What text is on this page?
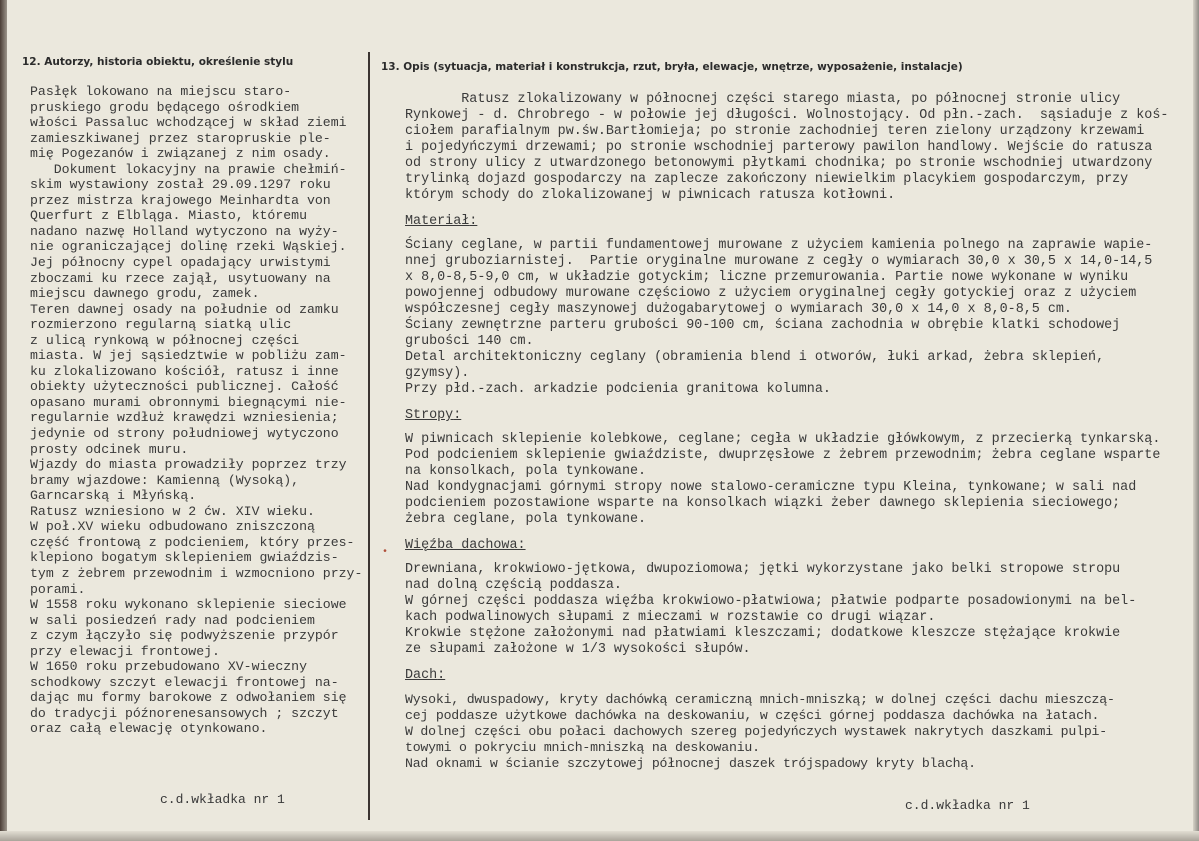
12. Autorzy, historia obiektu, określenie stylu	13. Opis (sytuacja, materiał i konstrukcja, rzut, bryła, elewacje, wnętrze, wyposażenie, instalacje)
Pasłęk lokowano na miejscu staro-
pruskiego grodu będącego ośrodkiem
włości Passaluc wchodzącej w skład ziemi
zamieszkiwanej przez staropruskie ple-
mię Pogezanów i związanej z nim osady.
Dokument lokacyjny na prawie chełmiń-
skim wystawiony został 29.09.1297 roku
przez mistrza krajowego Meinhardta von
Querfurt z Elbląga. Miasto, któremu
nadano nazwę Holland wytyczono na wyży-
nie ograniczającej dolinę rzeki Wąskiej.
Jej północny cypel opadający urwistymi
zboczami ku rzece zajął, usytuowany na
miejscu dawnego grodu, zamek.
Teren dawnej osady na południe od zamku
rozmierzono regularną siatką ulic
z ulicą rynkową w północnej części
miasta. W jej sąsiedztwie w pobliżu zam-
ku zlokalizowano kościół, ratusz i inne
obiekty użyteczności publicznej. Całość
opasano murami obronnymi biegnącymi nie-
regularnie wzdłuż krawędzi wzniesienia;
jedynie od strony południowej wytyczono
prosty odcinek muru.
Wjazdy do miasta prowadziły poprzez trzy
bramy wjazdowe: Kamienną (Wysoką),
Garncarską i Młyńską.
Ratusz wzniesiono w 2 ćw. XIV wieku.
W poł.XV wieku odbudowano zniszczoną
część frontową z podcieniem, który przes-
klepiono bogatym sklepieniem gwiaździs-
tym z żebrem przewodnim i wzmocniono przy-
porami.
W 1558 roku wykonano sklepienie sieciowe
w sali posiedzeń rady nad podcieniem
z czym łączyło się podwyższenie przypór
przy elewacji frontowej.
W 1650 roku przebudowano XV-wieczny
schodkowy szczyt elewacji frontowej na-
dając mu formy barokowe z odwołaniem się
do tradycji późnorenesansowych ; szczyt
oraz całą elewację otynkowano.
c.d.wkładka nr 1
Ratusz zlokalizowany w północnej części starego miasta, po północnej stronie ulicy
Rynkowej - d. Chrobrego - w połowie jej długości. Wolnostojący. Od płn.-zach.  sąsiaduje z koś-
ciołem parafialnym pw.św.Bartłomieja; po stronie zachodniej teren zielony urządzony krzewami
i pojedyńczymi drzewami; po stronie wschodniej parterowy pawilon handlowy. Wejście do ratusza
od strony ulicy z utwardzonego betonowymi płytkami chodnika; po stronie wschodniej utwardzony
trylinką dojazd gospodarczy na zaplecze zakończony niewielkim placykiem gospodarczym, przy
którym schody do zlokalizowanej w piwnicach ratusza kotłowni.
Materiał:
Ściany ceglane, w partii fundamentowej murowane z użyciem kamienia polnego na zaprawie wapie-
nnej gruboziarnistej.  Partie oryginalne murowane z cegły o wymiarach 30,0 x 30,5 x 14,0-14,5
x 8,0-8,5-9,0 cm, w układzie gotyckim; liczne przemurowania. Partie nowe wykonane w wyniku
powojennej odbudowy murowane częściowo z użyciem oryginalnej cegły gotyckiej oraz z użyciem
współczesnej cegły maszynowej dużogabarytowej o wymiarach 30,0 x 14,0 x 8,0-8,5 cm.
Ściany zewnętrzne parteru grubości 90-100 cm, ściana zachodnia w obrębie klatki schodowej
grubości 140 cm.
Detal architektoniczny ceglany (obramienia blend i otworów, łuki arkad, żebra sklepień,
gzymsy).
Przy płd.-zach. arkadzie podcienia granitowa kolumna.
Stropy:
W piwnicach sklepienie kolebkowe, ceglane; cegła w układzie główkowym, z przecierką tynkarską.
Pod podcieniem sklepienie gwiaździste, dwuprzęsłowe z żebrem przewodnim; żebra ceglane wsparte
na konsolkach, pola tynkowane.
Nad kondygnacjami górnymi stropy nowe stalowo-ceramiczne typu Kleina, tynkowane; w sali nad
podcieniem pozostawione wsparte na konsolkach wiązki żeber dawnego sklepienia sieciowego;
żebra ceglane, pola tynkowane.
Więźba dachowa:
Drewniana, krokwiowo-jętkowa, dwupoziomowa; jętki wykorzystane jako belki stropowe stropu
nad dolną częścią poddasza.
W górnej części poddasza więźba krokwiowo-płatwiowa; płatwie podparte posadowionymi na bel-
kach podwalinowych słupami z mieczami w rozstawie co drugi wiązar.
Krokwie stężone założonymi nad płatwiami kleszczami; dodatkowe kleszcze stężające krokwie
ze słupami założone w 1/3 wysokości słupów.
Dach:
Wysoki, dwuspadowy, kryty dachówką ceramiczną mnich-mniszką; w dolnej części dachu mieszczą-
cej poddasze użytkowe dachówka na deskowaniu, w części górnej poddasza dachówka na łatach.
W dolnej części obu połaci dachowych szereg pojedyńczych wystawek nakrytych daszkami pulpi-
towymi o pokryciu mnich-mniszką na deskowaniu.
Nad oknami w ścianie szczytowej północnej daszek trójspadowy kryty blachą.
•
c.d.wkładka nr 1
